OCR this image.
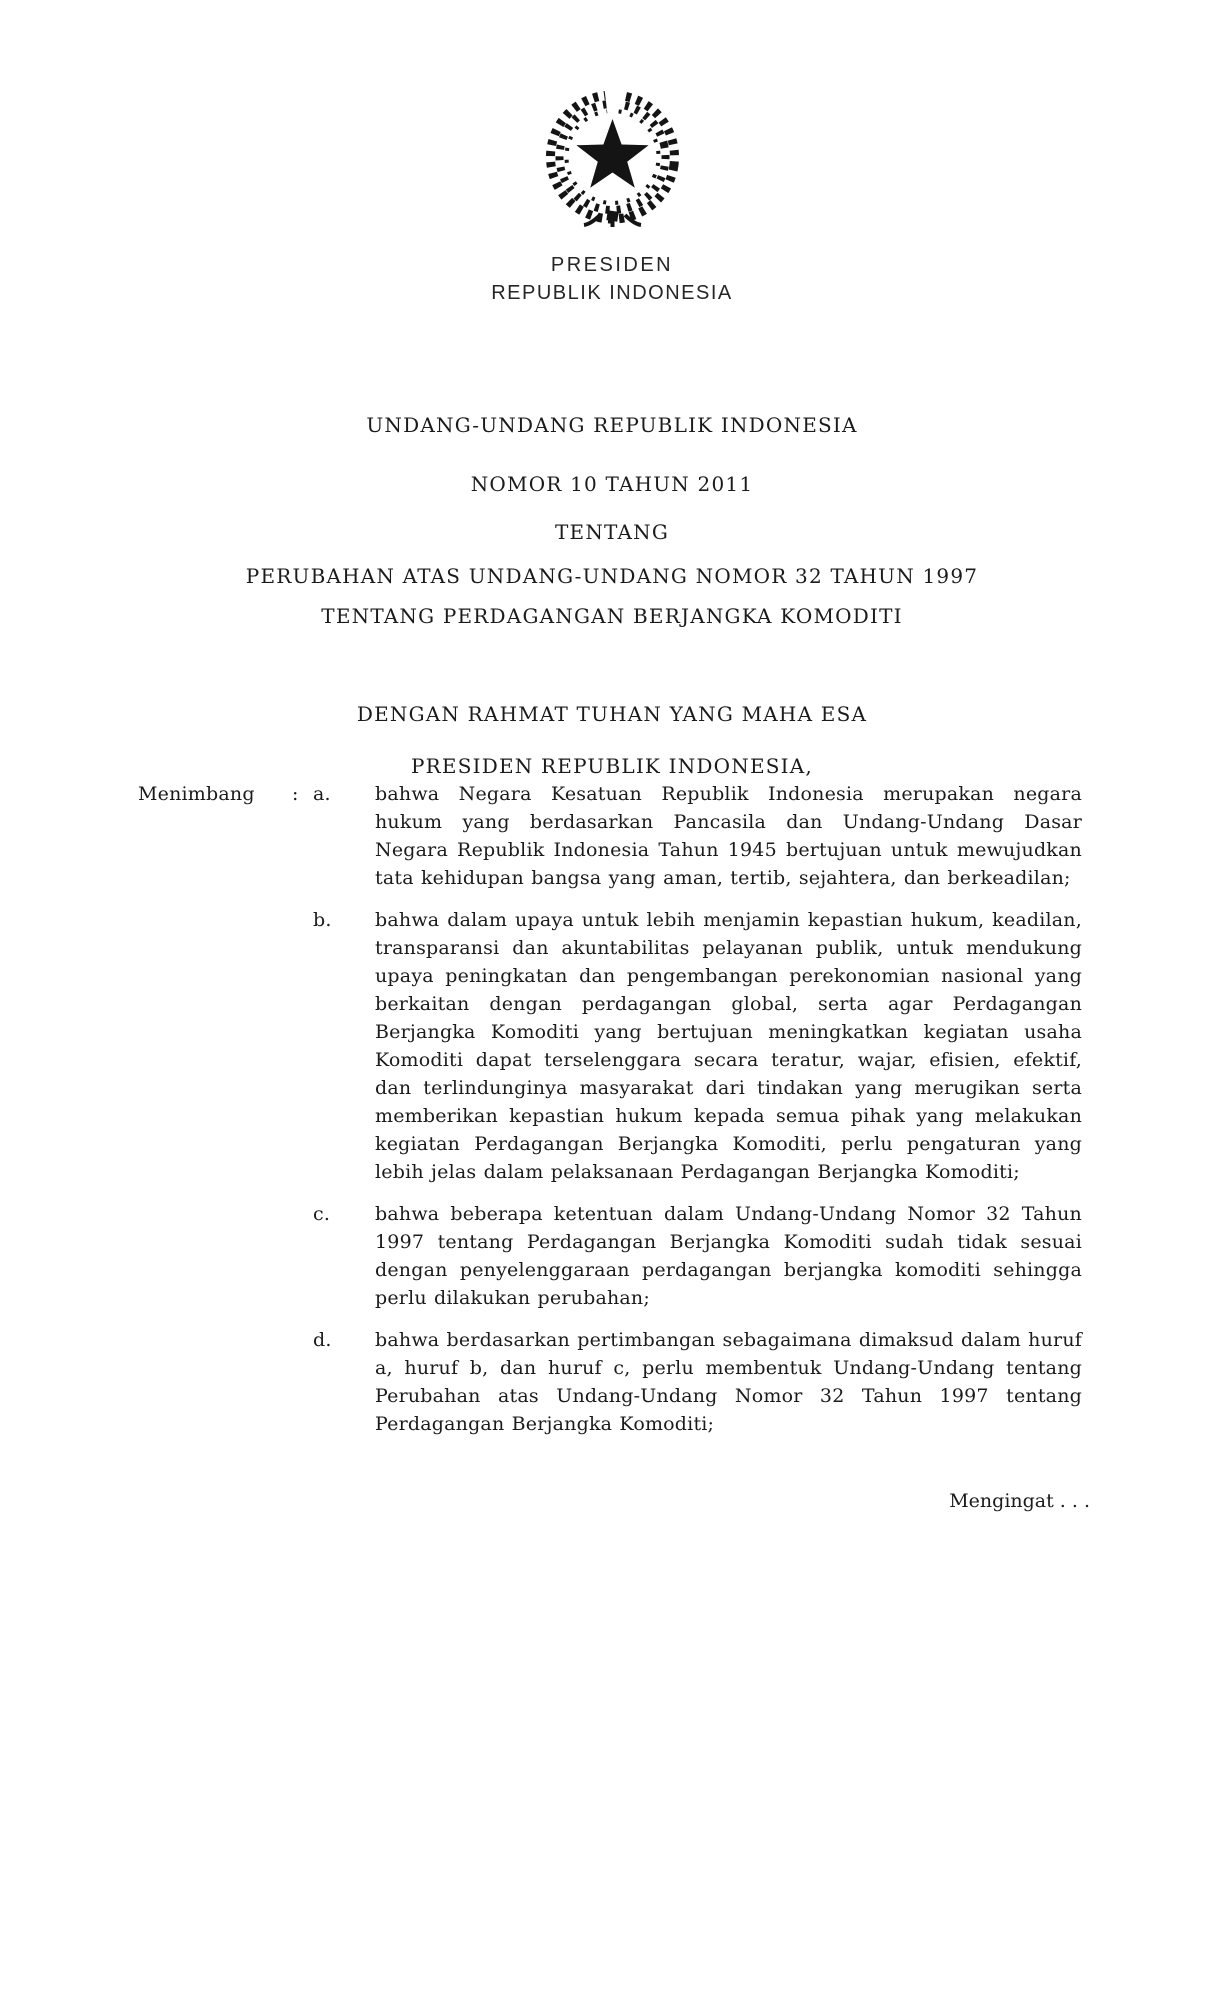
PRESIDEN
REPUBLIK INDONESIA
UNDANG-UNDANG REPUBLIK INDONESIA
NOMOR 10 TAHUN 2011
TENTANG
PERUBAHAN ATAS UNDANG-UNDANG NOMOR 32 TAHUN 1997
TENTANG PERDAGANGAN BERJANGKA KOMODITI
DENGAN RAHMAT TUHAN YANG MAHA ESA
PRESIDEN REPUBLIK INDONESIA,
Menimbang	: a.	bahwa Negara Kesatuan Republik Indonesia merupakan negara hukum yang berdasarkan Pancasila dan Undang-Undang Dasar Negara Republik Indonesia Tahun 1945 bertujuan untuk mewujudkan tata kehidupan bangsa yang aman, tertib, sejahtera, dan berkeadilan;
b.	bahwa dalam upaya untuk lebih menjamin kepastian hukum, keadilan, transparansi dan akuntabilitas pelayanan publik, untuk mendukung upaya peningkatan dan pengembangan perekonomian nasional yang berkaitan dengan perdagangan global, serta agar Perdagangan Berjangka Komoditi yang bertujuan meningkatkan kegiatan usaha Komoditi dapat terselenggara secara teratur, wajar, efisien, efektif, dan terlindunginya masyarakat dari tindakan yang merugikan serta memberikan kepastian hukum kepada semua pihak yang melakukan kegiatan Perdagangan Berjangka Komoditi, perlu pengaturan yang lebih jelas dalam pelaksanaan Perdagangan Berjangka Komoditi;
c.	bahwa beberapa ketentuan dalam Undang-Undang Nomor 32 Tahun 1997 tentang Perdagangan Berjangka Komoditi sudah tidak sesuai dengan penyelenggaraan perdagangan berjangka komoditi sehingga perlu dilakukan perubahan;
d.	bahwa berdasarkan pertimbangan sebagaimana dimaksud dalam huruf a, huruf b, dan huruf c, perlu membentuk Undang-Undang tentang Perubahan atas Undang-Undang Nomor 32 Tahun 1997 tentang Perdagangan Berjangka Komoditi;
Mengingat . . .
